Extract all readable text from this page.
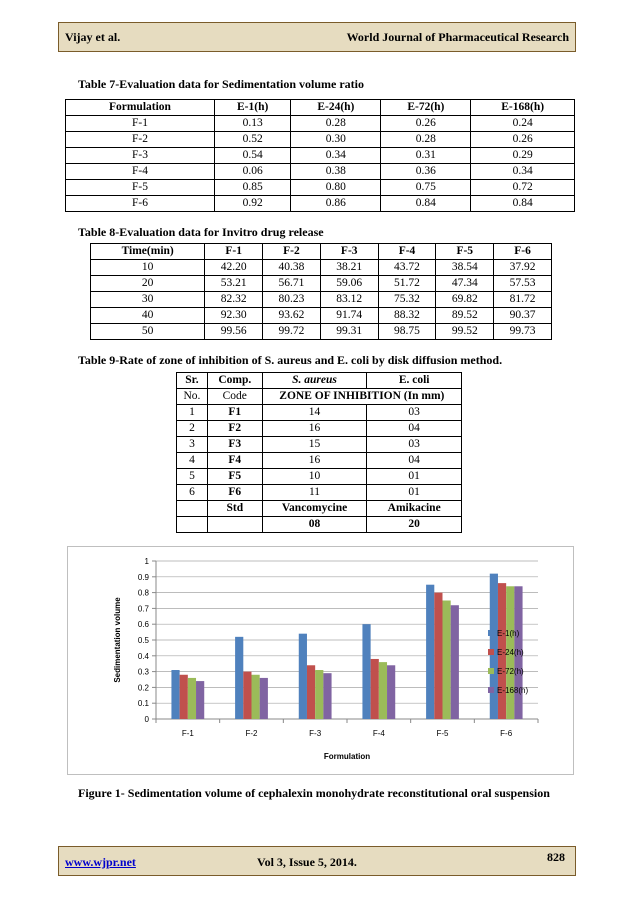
Vijay et al.	World Journal of Pharmaceutical Research
Table 7-Evaluation data for Sedimentation volume ratio
Formulation	E-1(h)	E-24(h)	E-72(h)	E-168(h)
F-1	0.13	0.28	0.26	0.24
F-2	0.52	0.30	0.28	0.26
F-3	0.54	0.34	0.31	0.29
F-4	0.06	0.38	0.36	0.34
F-5	0.85	0.80	0.75	0.72
F-6	0.92	0.86	0.84	0.84
Table 8-Evaluation data for Invitro drug release
Time(min)	F-1	F-2	F-3	F-4	F-5	F-6
10	42.20	40.38	38.21	43.72	38.54	37.92
20	53.21	56.71	59.06	51.72	47.34	57.53
30	82.32	80.23	83.12	75.32	69.82	81.72
40	92.30	93.62	91.74	88.32	89.52	90.37
50	99.56	99.72	99.31	98.75	99.52	99.73
Table 9-Rate of zone of inhibition of S. aureus and E. coli by disk diffusion method.
Sr.	Comp.	S. aureus	E. coli
No.	Code	ZONE OF INHIBITION (In mm)	
1	F1	14	03
2	F2	16	04
3	F3	15	03
4	F4	16	04
5	F5	10	01
6	F6	11	01
	Std	Vancomycine	Amikacine
		08	20
0
0.1
0.2
0.3
0.4
0.5
0.6
0.7
0.8
0.9
1
F-1	F-2	F-3	F-4	F-5	F-6
Formulation
Sedimentation volume	E-1(h)
E-24(h)
E-72(h)
E-168(h)
Figure 1- Sedimentation volume of cephalexin monohydrate reconstitutional oral suspension
www.wjpr.net	Vol 3, Issue 5, 2014.	828
